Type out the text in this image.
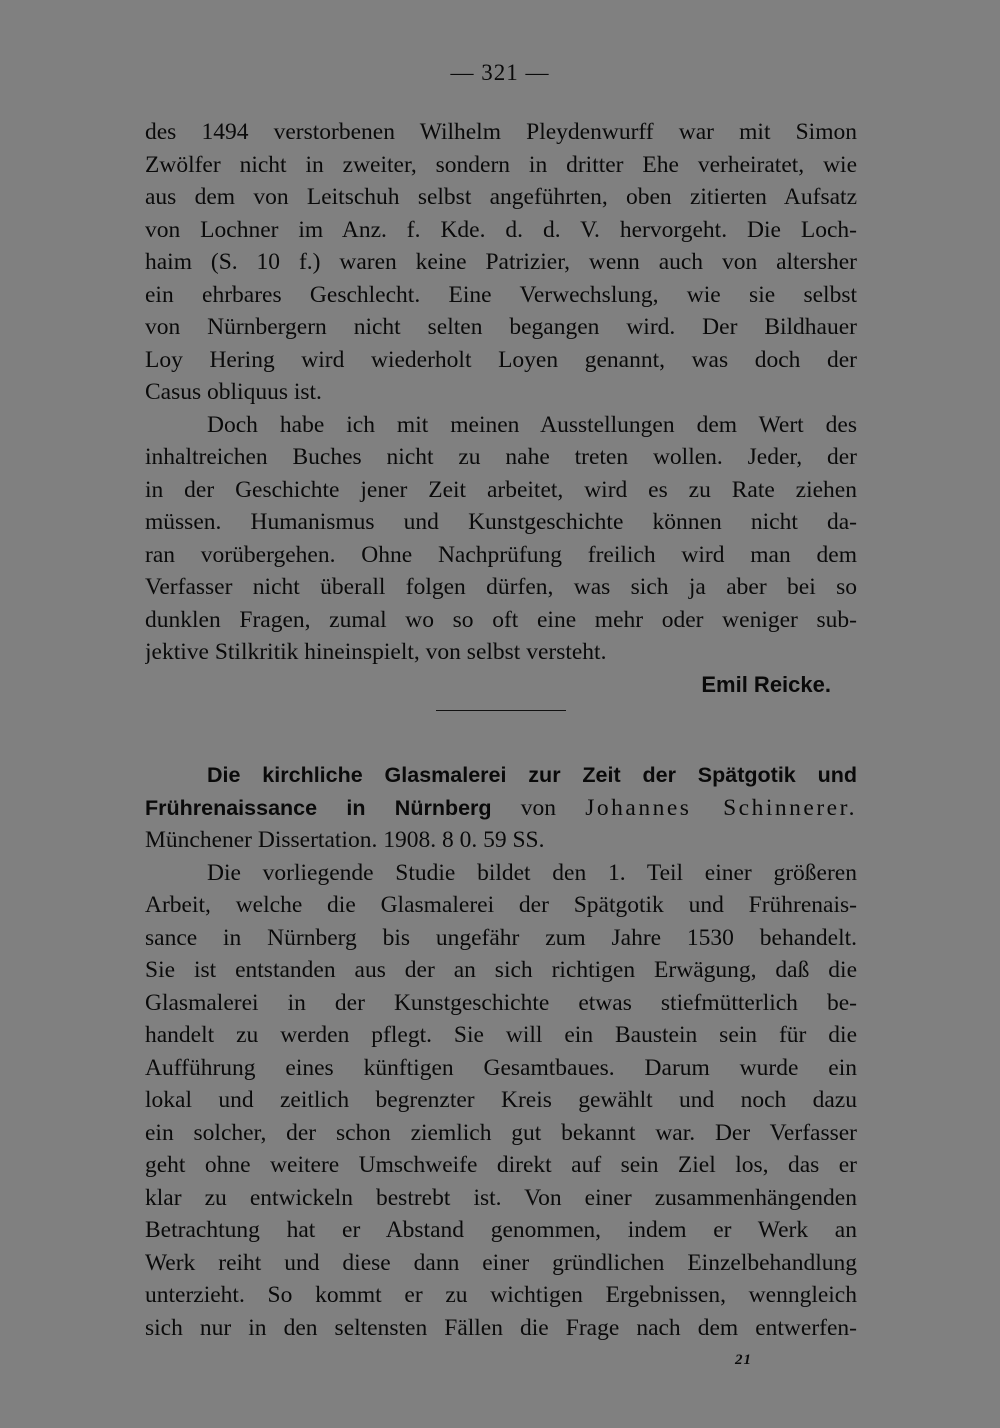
— 321 —
des 1494 verstorbenen Wilhelm Pleydenwurff war mit Simon
Zwölfer nicht in zweiter, sondern in dritter Ehe verheiratet, wie
aus dem von Leitschuh selbst angeführten, oben zitierten Aufsatz
von Lochner im Anz. f. Kde. d. d. V. hervorgeht. Die Loch-
haim (S. 10 f.) waren keine Patrizier, wenn auch von altersher
ein ehrbares Geschlecht. Eine Verwechslung, wie sie selbst
von Nürnbergern nicht selten begangen wird. Der Bildhauer
Loy Hering wird wiederholt Loyen genannt, was doch der
Casus obliquus ist.
Doch habe ich mit meinen Ausstellungen dem Wert des
inhaltreichen Buches nicht zu nahe treten wollen. Jeder, der
in der Geschichte jener Zeit arbeitet, wird es zu Rate ziehen
müssen. Humanismus und Kunstgeschichte können nicht da-
ran vorübergehen. Ohne Nachprüfung freilich wird man dem
Verfasser nicht überall folgen dürfen, was sich ja aber bei so
dunklen Fragen, zumal wo so oft eine mehr oder weniger sub-
jektive Stilkritik hineinspielt, von selbst versteht.
Emil Reicke.
Die kirchliche Glasmalerei zur Zeit der Spätgotik und
Frührenaissance in Nürnberg von Johannes Schinnerer.
Münchener Dissertation. 1908. 8 0. 59 SS.
Die vorliegende Studie bildet den 1. Teil einer größeren
Arbeit, welche die Glasmalerei der Spätgotik und Frührenais-
sance in Nürnberg bis ungefähr zum Jahre 1530 behandelt.
Sie ist entstanden aus der an sich richtigen Erwägung, daß die
Glasmalerei in der Kunstgeschichte etwas stiefmütterlich be-
handelt zu werden pflegt. Sie will ein Baustein sein für die
Aufführung eines künftigen Gesamtbaues. Darum wurde ein
lokal und zeitlich begrenzter Kreis gewählt und noch dazu
ein solcher, der schon ziemlich gut bekannt war. Der Verfasser
geht ohne weitere Umschweife direkt auf sein Ziel los, das er
klar zu entwickeln bestrebt ist. Von einer zusammenhängenden
Betrachtung hat er Abstand genommen, indem er Werk an
Werk reiht und diese dann einer gründlichen Einzelbehandlung
unterzieht. So kommt er zu wichtigen Ergebnissen, wenngleich
sich nur in den seltensten Fällen die Frage nach dem entwerfen-
21
